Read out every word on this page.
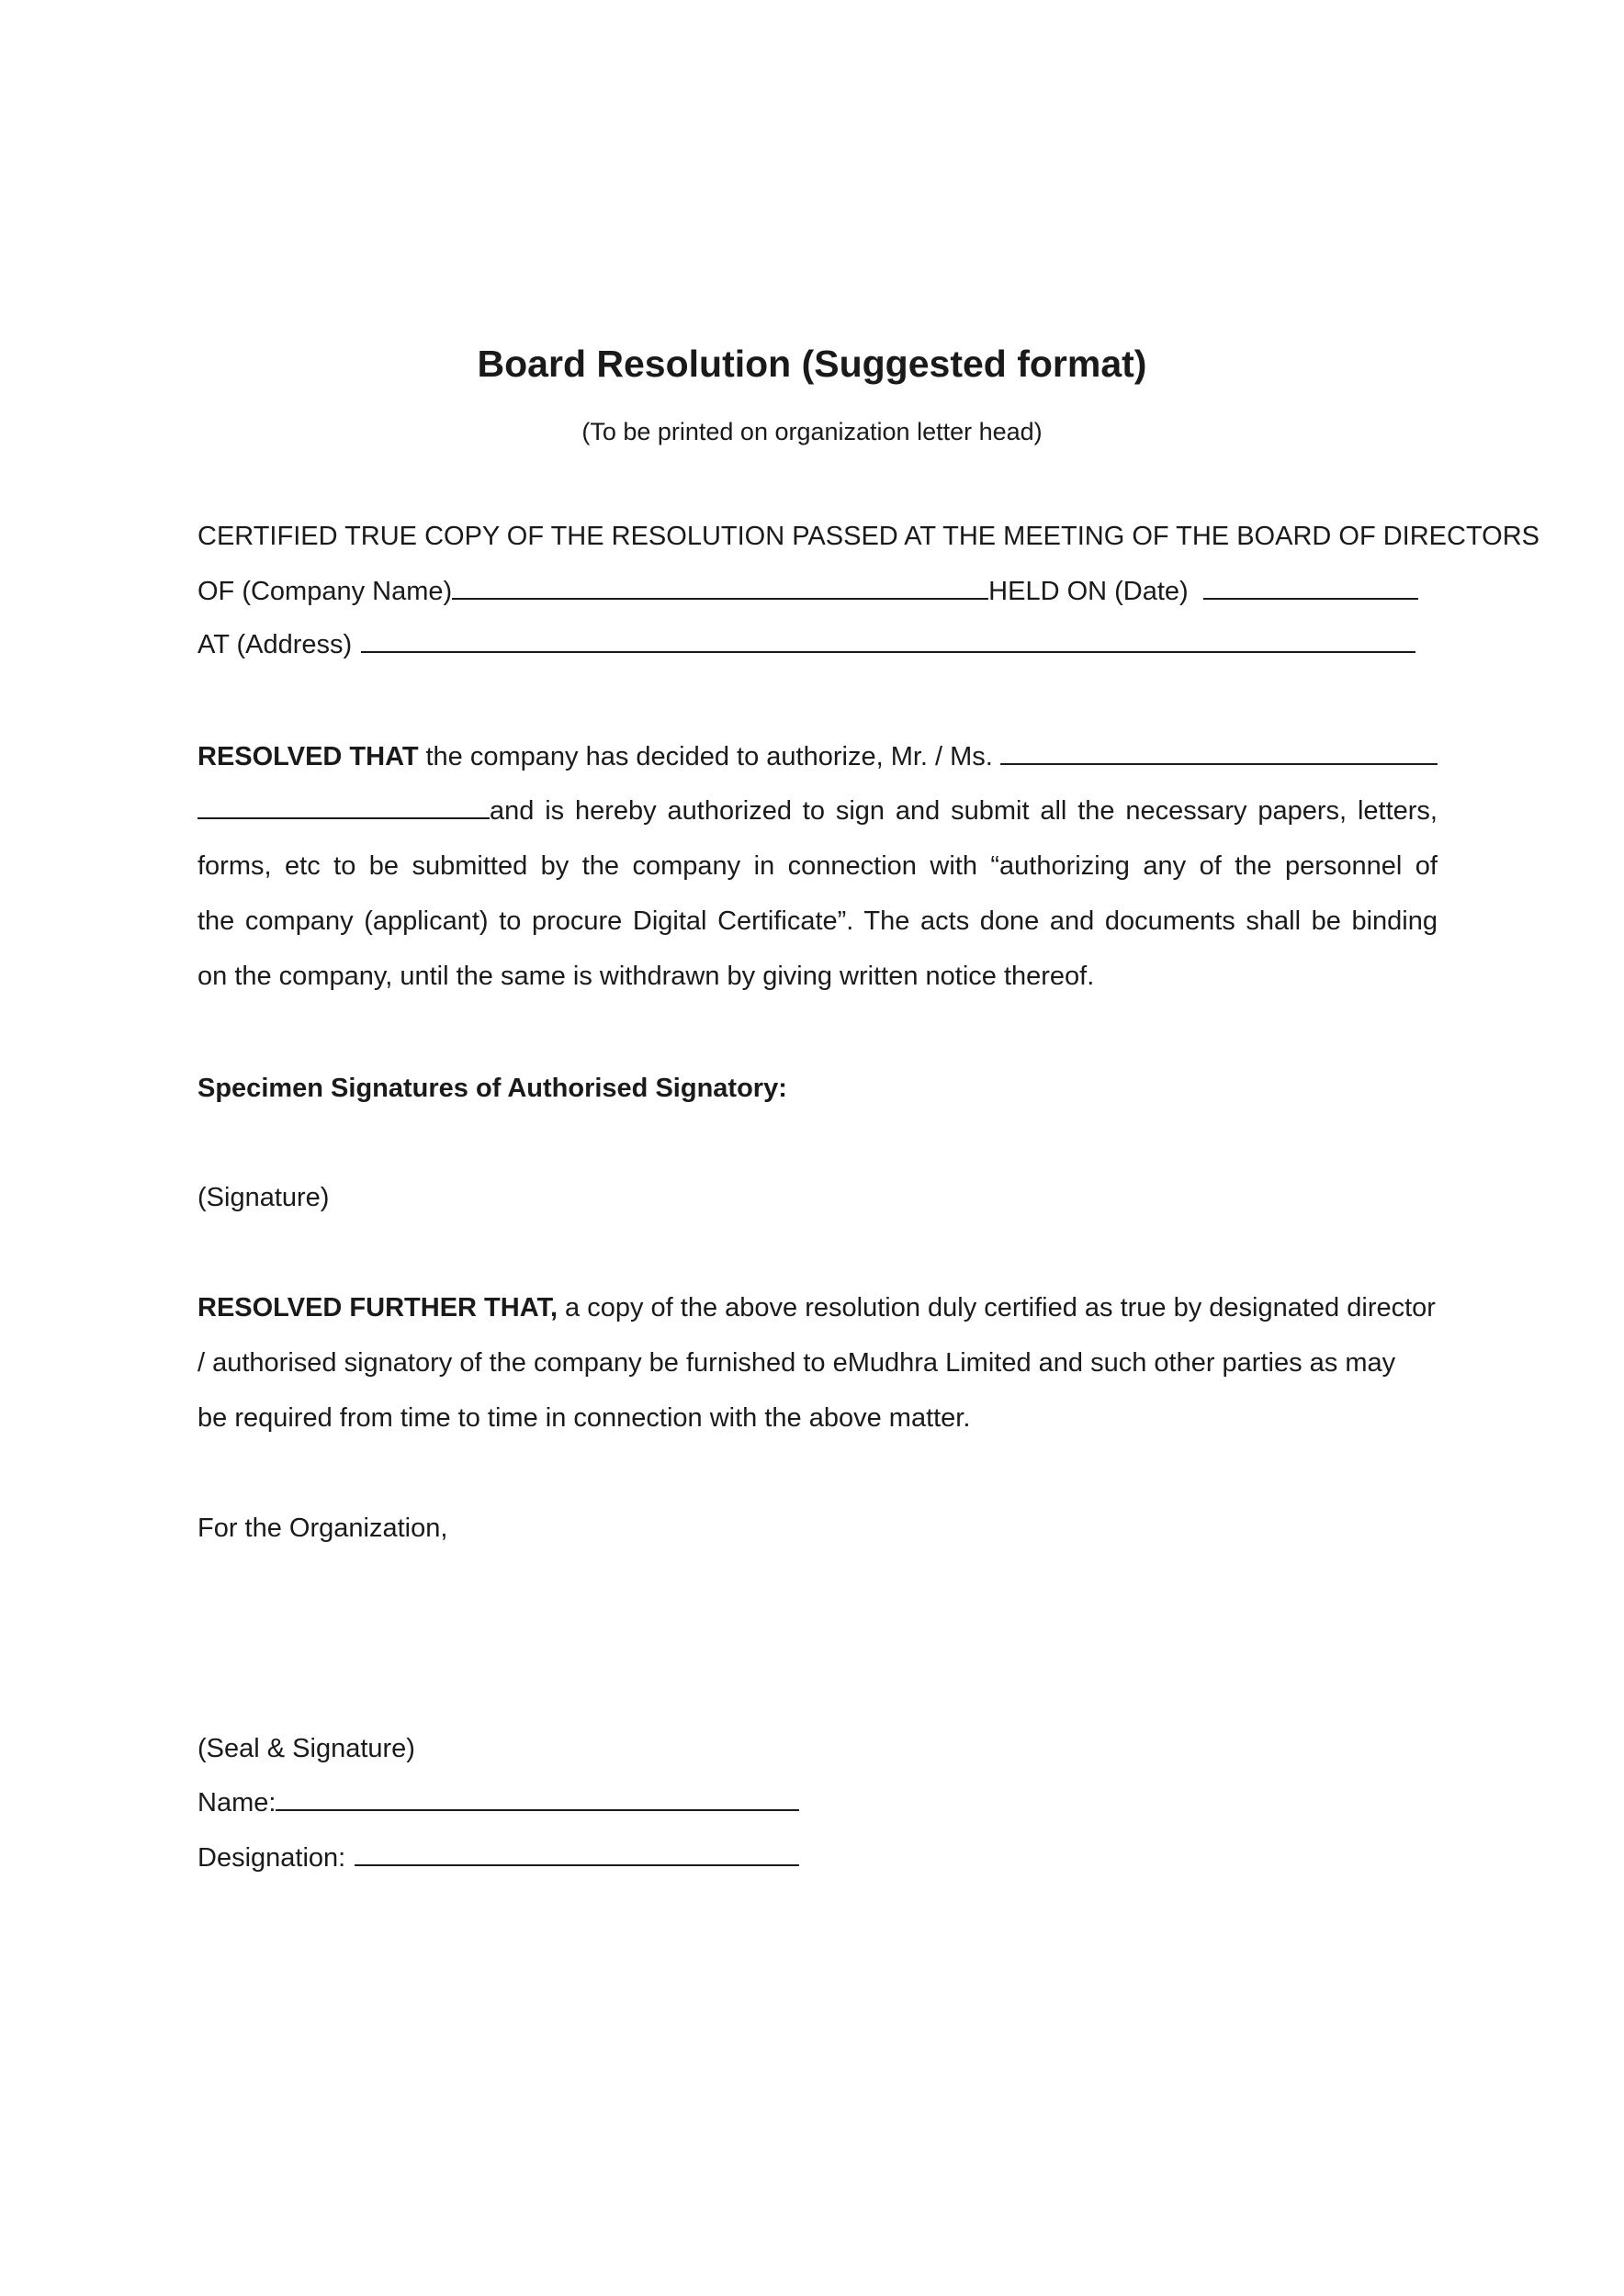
Board Resolution (Suggested format)
(To be printed on organization letter head)
CERTIFIED TRUE COPY OF THE RESOLUTION PASSED AT THE MEETING OF THE BOARD OF DIRECTORS
OF (Company Name)	HELD ON (Date)
AT (Address)
RESOLVED THAT the company has decided to authorize, Mr. / Ms.
and is hereby authorized to sign and submit all the necessary papers, letters,
forms, etc to be submitted by the company in connection with “authorizing any of the personnel of
the company (applicant) to procure Digital Certificate”. The acts done and documents shall be binding
on the company, until the same is withdrawn by giving written notice thereof.
Specimen Signatures of Authorised Signatory:
(Signature)
RESOLVED FURTHER THAT, a copy of the above resolution duly certified as true by designated director
/ authorised signatory of the company be furnished to eMudhra Limited and such other parties as may
be required from time to time in connection with the above matter.
For the Organization,
(Seal & Signature)
Name:
Designation:
